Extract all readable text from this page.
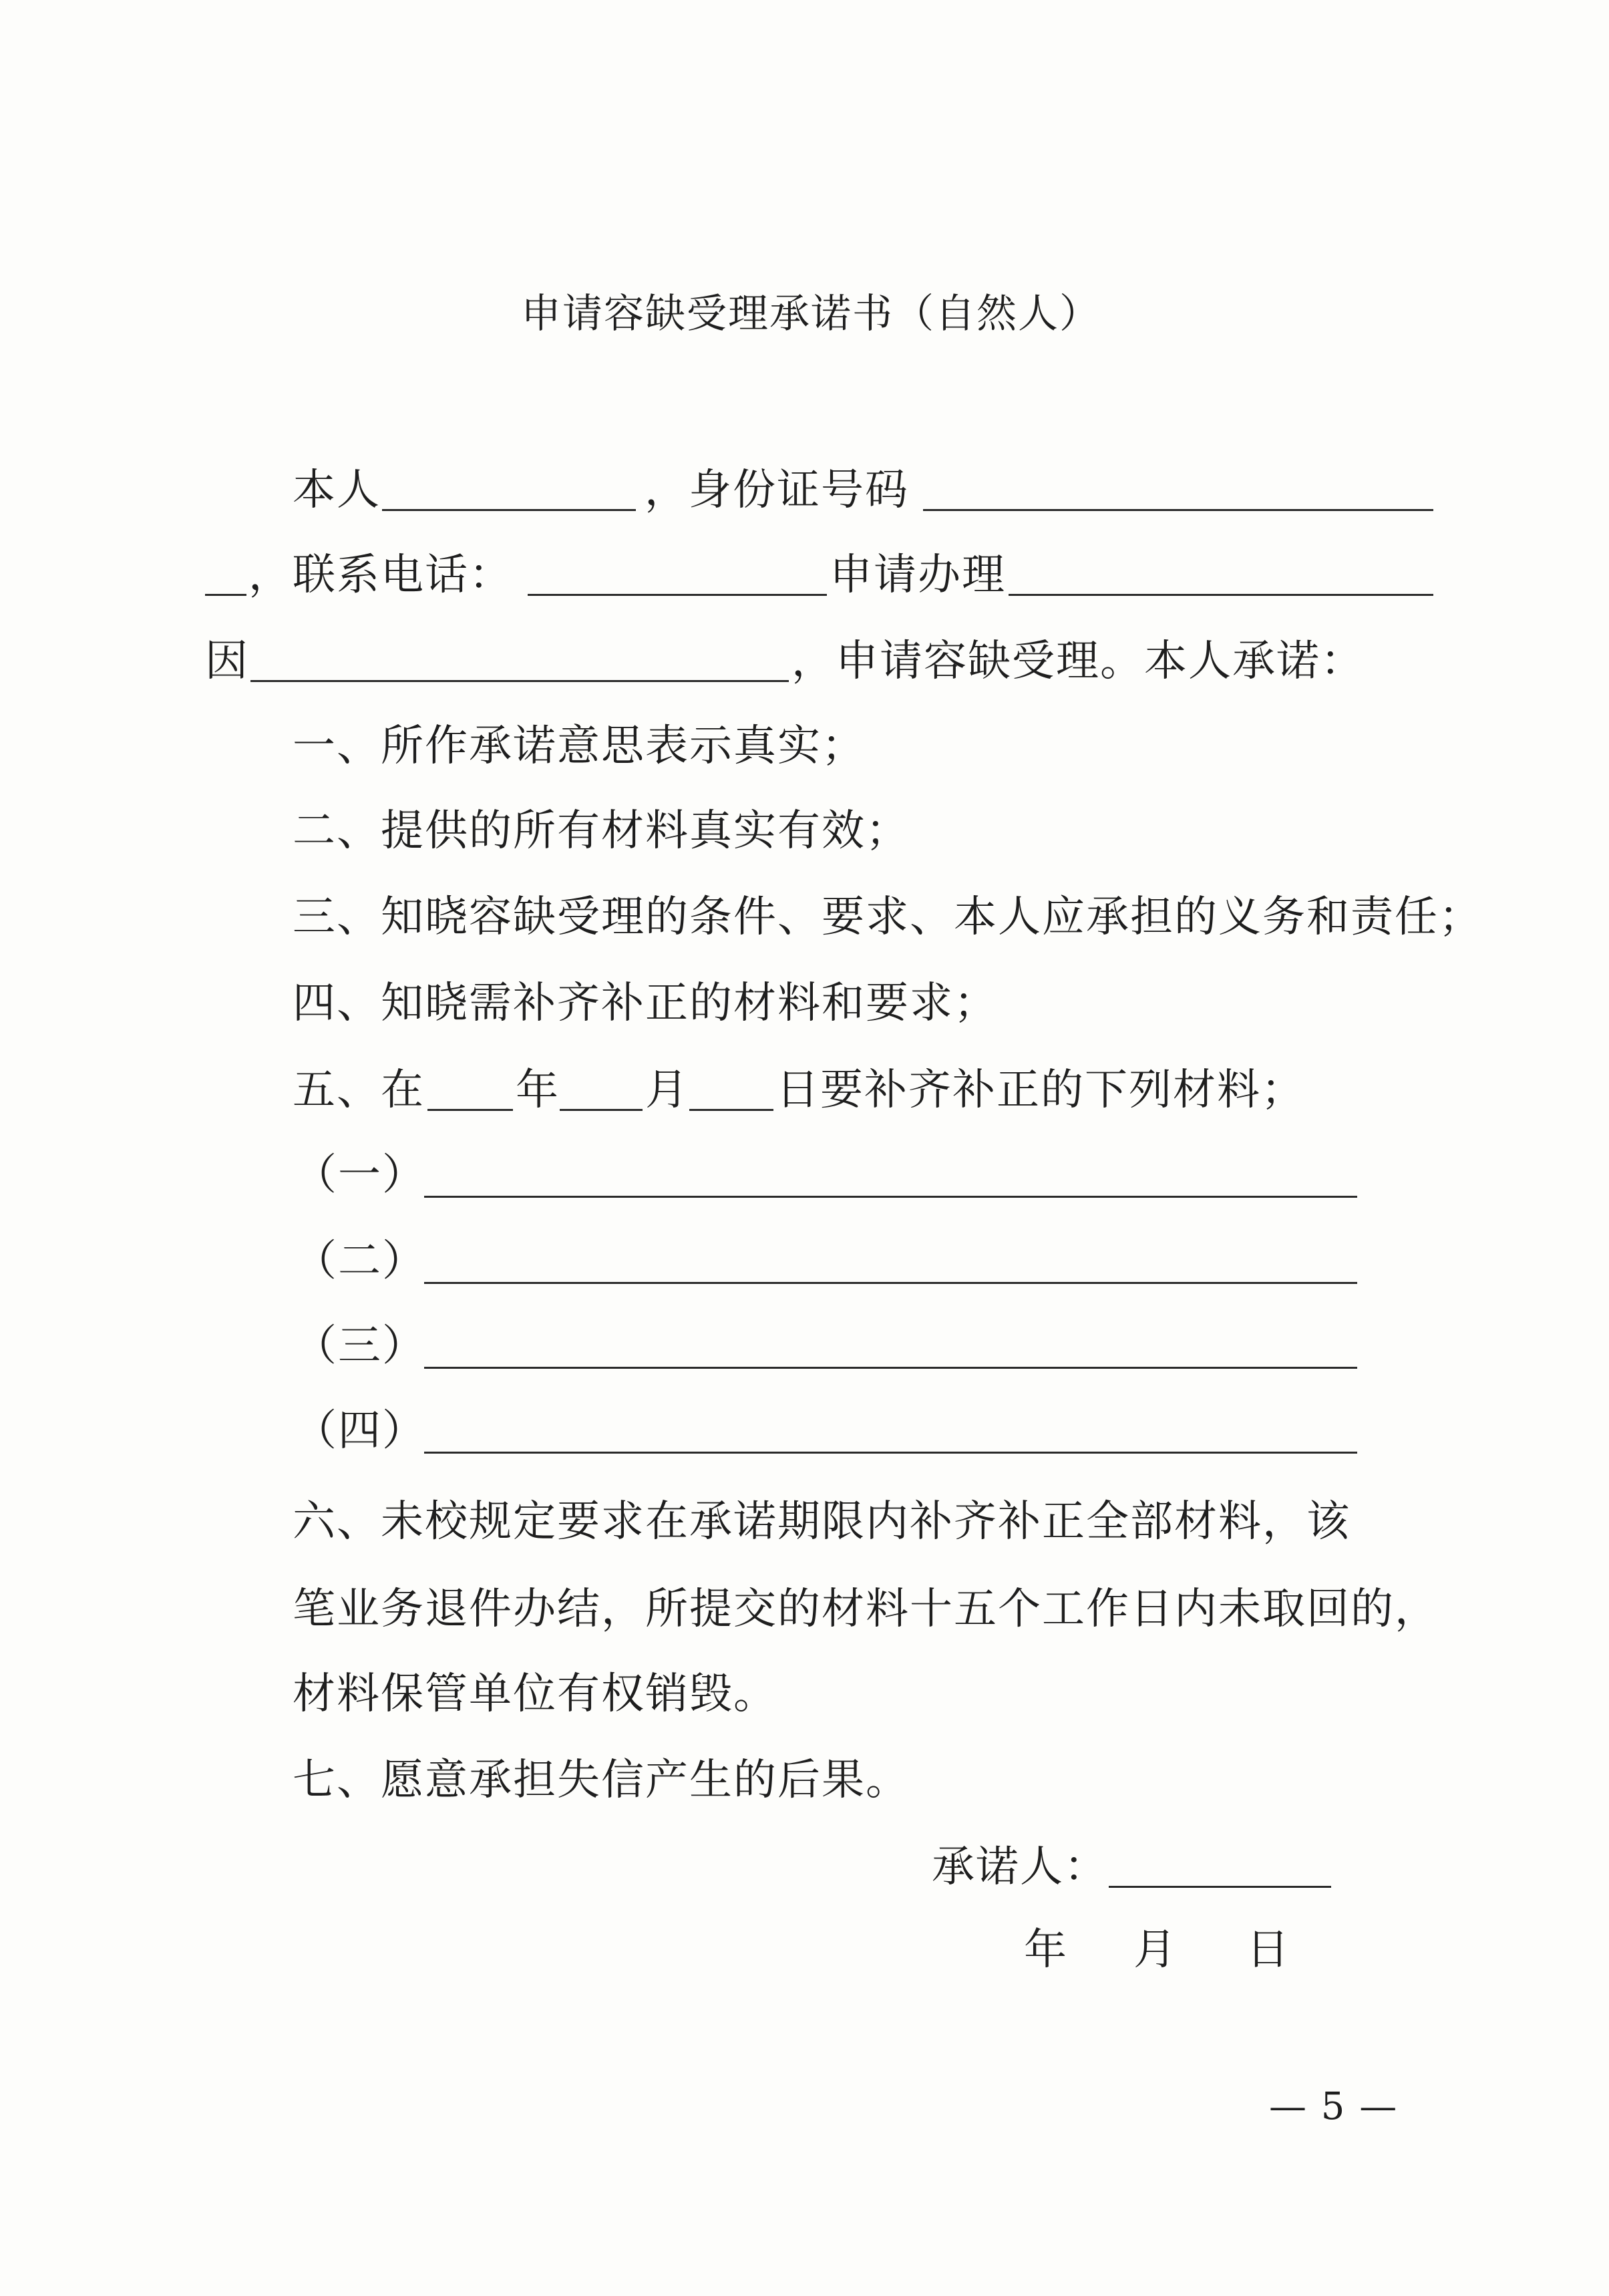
申请容缺受理承诺书（自然人）
本人	，身份证号码
，联系电话：	申请办理
因	，申请容缺受理。本人承诺：
一、所作承诺意思表示真实；
二、提供的所有材料真实有效；
三、知晓容缺受理的条件、要求、本人应承担的义务和责任；
四、知晓需补齐补正的材料和要求；
五、在 年 月 日要补齐补正的下列材料；
（一）
（二）
（三）
（四）
六、未校规定要求在承诺期限内补齐补正全部材料，该
笔业务退件办结，所提交的材料十五个工作日内未取回的，
材料保管单位有权销毁。
七、愿意承担失信产生的后果。
承诺人：
年 月 日
— 5 —
